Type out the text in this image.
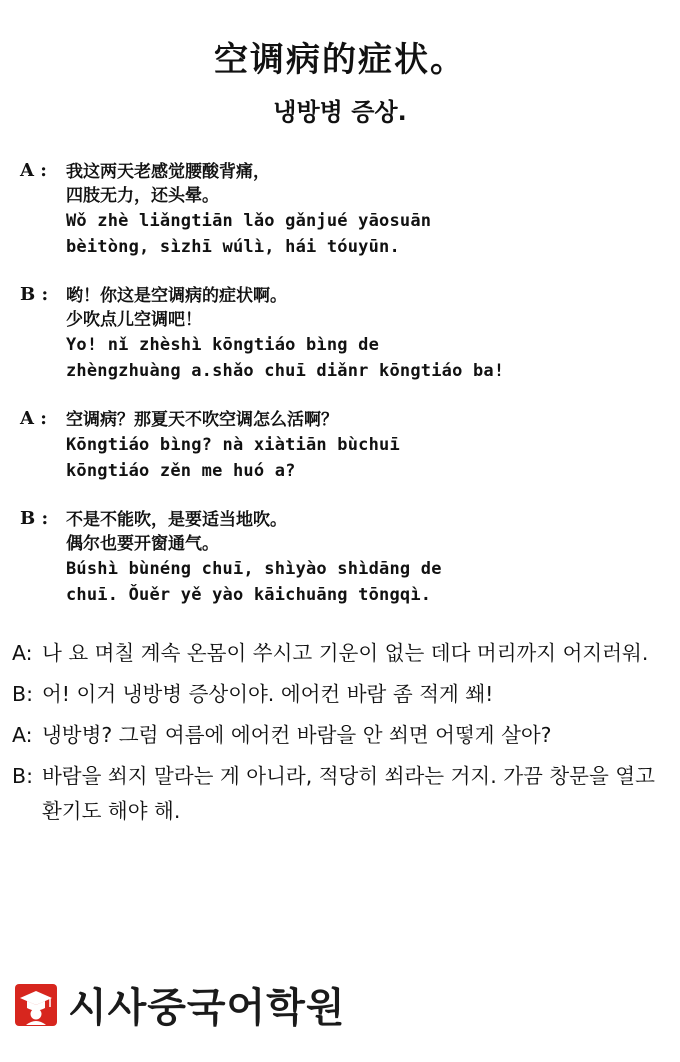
空调病的症状。
냉방병 증상.
A : 我这两天老感觉腰酸背痛，
四肢无力，还头晕。
Wǒ zhè liǎngtiān lǎo gǎnjué yāosuān
bèitòng, sìzhī wúlì, hái tóuyūn.
B : 哟！你这是空调病的症状啊。
少吹点儿空调吧！
Yo! nǐ zhèshì kōngtiáo bìng de
zhèngzhuàng a.shǎo chuī diǎnr kōngtiáo ba!
A : 空调病？那夏天不吹空调怎么活啊？
Kōngtiáo bìng? nà xiàtiān bùchuī
kōngtiáo zěn me huó a?
B : 不是不能吹，是要适当地吹。
偶尔也要开窗通气。
Búshì bùnéng chuī, shìyào shìdāng de
chuī. Ǒuěr yě yào kāichuāng tōngqì.
A: 나 요 며칠 계속 온몸이 쑤시고 기운이 없는 데다 머리까지 어지러워.
B: 어! 이거 냉방병 증상이야. 에어컨 바람 좀 적게 쐐!
A: 냉방병? 그럼 여름에 에어컨 바람을 안 쐬면 어떻게 살아?
B: 바람을 쐬지 말라는 게 아니라, 적당히 쐬라는 거지. 가끔 창문을 열고 환기도 해야 해.
시사중국어학원
